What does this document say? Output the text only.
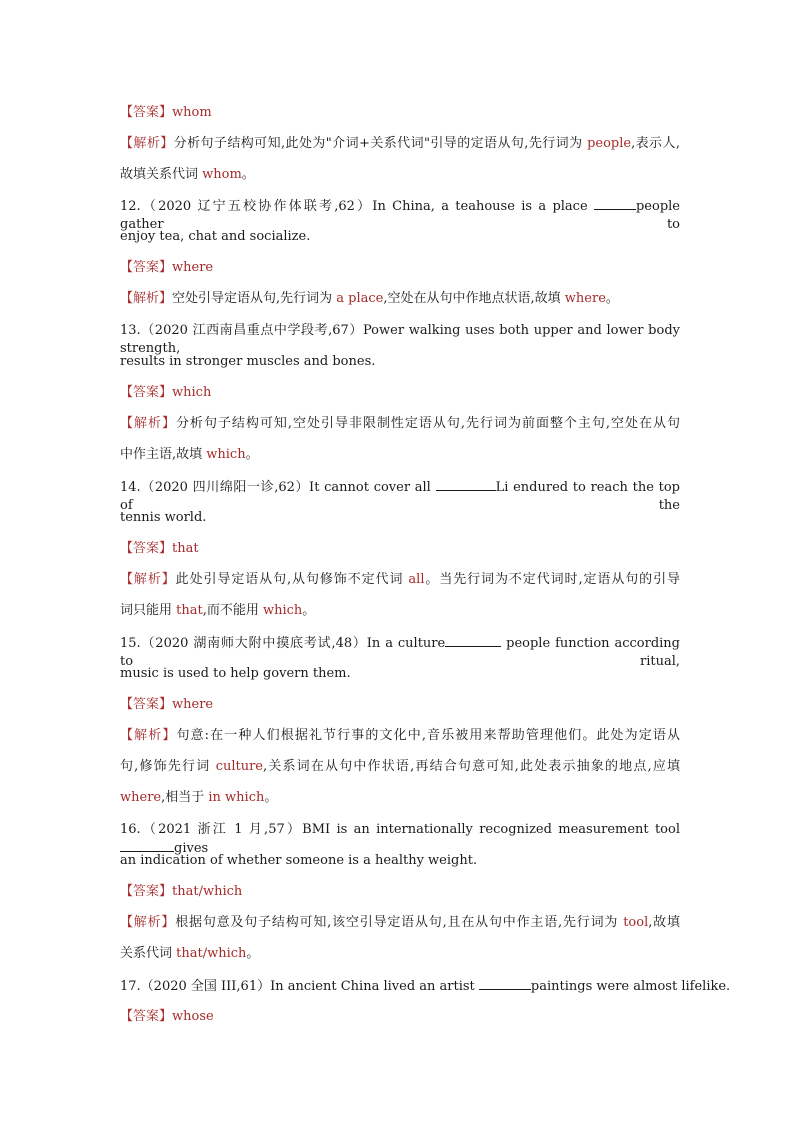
【答案】whom
【解析】分析句子结构可知,此处为"介词+关系代词"引导的定语从句,先行词为 people,表示人,
故填关系代词 whom。
12.（2020 辽宁五校协作体联考,62）In China, a teahouse is a place	people gather to
enjoy tea, chat and socialize.
【答案】where
【解析】空处引导定语从句,先行词为 a place,空处在从句中作地点状语,故填 where。
13.（2020 江西南昌重点中学段考,67）Power walking uses both upper and lower body strength,
results in stronger muscles and bones.
【答案】which
【解析】分析句子结构可知,空处引导非限制性定语从句,先行词为前面整个主句,空处在从句
中作主语,故填 which。
14.（2020 四川绵阳一诊,62）It cannot cover all	Li endured to reach the top of the
tennis world.
【答案】that
【解析】此处引导定语从句,从句修饰不定代词 all。当先行词为不定代词时,定语从句的引导
词只能用 that,而不能用 which。
15.（2020 湖南师大附中摸底考试,48）In a culture	people function according to ritual,
music is used to help govern them.
【答案】where
【解析】句意:在一种人们根据礼节行事的文化中,音乐被用来帮助管理他们。此处为定语从
句,修饰先行词 culture,关系词在从句中作状语,再结合句意可知,此处表示抽象的地点,应填
where,相当于 in which。
16.（2021 浙江 1 月,57）BMI is an internationally recognized measurement tool gives
an indication of whether someone is a healthy weight.
【答案】that/which
【解析】根据句意及句子结构可知,该空引导定语从句,且在从句中作主语,先行词为 tool,故填
关系代词 that/which。
17.（2020 全国 III,61）In ancient China lived an artist	paintings were almost lifelike.
【答案】whose
